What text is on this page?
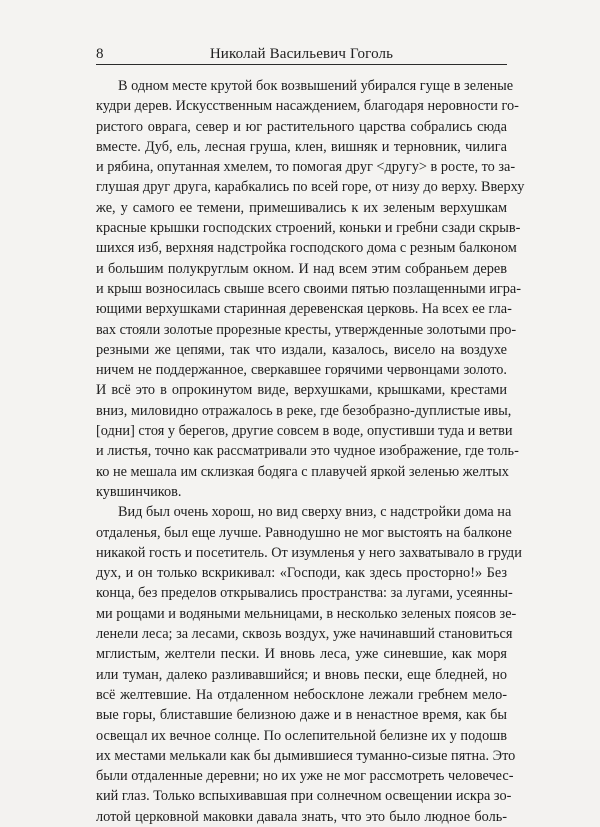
8	Николай Васильевич Гоголь

В одном месте крутой бок возвышений убирался гуще в зеленые
кудри дерев. Искусственным насаждением, благодаря неровности го-
ристого оврага, север и юг растительного царства собрались сюда
вместе. Дуб, ель, лесная груша, клен, вишняк и терновник, чилига
и рябина, опутанная хмелем, то помогая друг <другу> в росте, то за-
глушая друг друга, карабкались по всей горе, от низу до верху. Вверху
же, у самого ее темени, примешивались к их зеленым верхушкам
красные крышки господских строений, коньки и гребни сзади скрыв-
шихся изб, верхняя надстройка господского дома с резным балконом
и большим полукруглым окном. И над всем этим собраньем дерев
и крыш возносилась свыше всего своими пятью позлащенными игра-
ющими верхушками старинная деревенская церковь. На всех ее гла-
вах стояли золотые прорезные кресты, утвержденные золотыми про-
резными же цепями, так что издали, казалось, висело на воздухе
ничем не поддержанное, сверкавшее горячими червонцами золото.
И всё это в опрокинутом виде, верхушками, крышками, крестами
вниз, миловидно отражалось в реке, где безобразно-дуплистые ивы,
[одни] стоя у берегов, другие совсем в воде, опустивши туда и ветви
и листья, точно как рассматривали это чудное изображение, где толь-
ко не мешала им склизкая бодяга с плавучей яркой зеленью желтых
кувшинчиков.

Вид был очень хорош, но вид сверху вниз, с надстройки дома на
отдаленья, был еще лучше. Равнодушно не мог выстоять на балконе
никакой гость и посетитель. От изумленья у него захватывало в груди
дух, и он только вскрикивал: «Господи, как здесь просторно!» Без
конца, без пределов открывались пространства: за лугами, усеянны-
ми рощами и водяными мельницами, в несколько зеленых поясов зе-
ленели леса; за лесами, сквозь воздух, уже начинавший становиться
мглистым, желтели пески. И вновь леса, уже синевшие, как моря
или туман, далеко разливавшийся; и вновь пески, еще бледней, но
всё желтевшие. На отдаленном небосклоне лежали гребнем мело-
вые горы, блиставшие белизною даже и в ненастное время, как бы
освещал их вечное солнце. По ослепительной белизне их у подошв
их местами мелькали как бы дымившиеся туманно-сизые пятна. Это
были отдаленные деревни; но их уже не мог рассмотреть человечес-
кий глаз. Только вспыхивавшая при солнечном освещении искра зо-
лотой церковной маковки давала знать, что это было людное боль-
